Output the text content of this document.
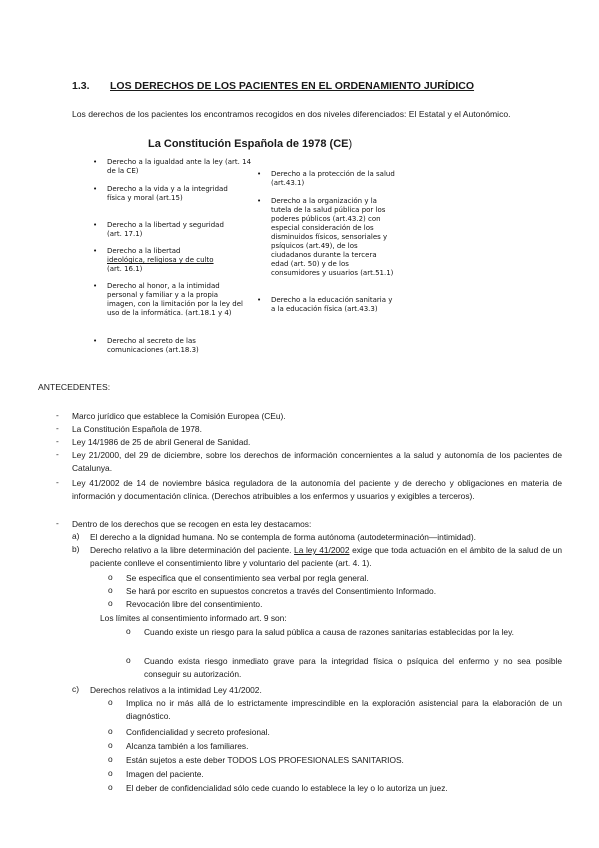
1.3. LOS DERECHOS DE LOS PACIENTES EN EL ORDENAMIENTO JURÍDICO
Los derechos de los pacientes los encontramos recogidos en dos niveles diferenciados: El Estatal y el Autonómico.
La Constitución Española de 1978 (CE)
• Derecho a la igualdad ante la ley (art. 14 de la CE)
• Derecho a la vida y a la integridad física y moral (art.15)
• Derecho a la libertad y seguridad (art. 17.1)
• Derecho a la libertad
ideológica, religiosa y de culto
(art. 16.1)
• Derecho al honor, a la intimidad personal y familiar y a la propia imagen, con la limitación por la ley del uso de la informática. (art.18.1 y 4)
• Derecho al secreto de las comunicaciones (art.18.3)
• Derecho a la protección de la salud (art.43.1)
• Derecho a la organización y la tutela de la salud pública por los poderes públicos (art.43.2) con especial consideración de los disminuidos físicos, sensoriales y psíquicos (art.49), de los ciudadanos durante la tercera edad (art. 50) y de los consumidores y usuarios (art.51.1)
• Derecho a la educación sanitaria y a la educación física (art.43.3)
ANTECEDENTES:
- Marco jurídico que establece la Comisión Europea (CEu).
- La Constitución Española de 1978.
- Ley 14/1986 de 25 de abril General de Sanidad.
- Ley 21/2000, del 29 de diciembre, sobre los derechos de información concernientes a la salud y autonomía de los pacientes de Catalunya.
- Ley 41/2002 de 14 de noviembre básica reguladora de la autonomía del paciente y de derecho y obligaciones en materia de información y documentación clínica. (Derechos atribuibles a los enfermos y usuarios y exigibles a terceros).
- Dentro de los derechos que se recogen en esta ley destacamos:
a) El derecho a la dignidad humana. No se contempla de forma autónoma (autodeterminación—intimidad).
b) Derecho relativo a la libre determinación del paciente. La ley 41/2002 exige que toda actuación en el ámbito de la salud de un paciente conlleve el consentimiento libre y voluntario del paciente (art. 4. 1).
o Se especifica que el consentimiento sea verbal por regla general.
o Se hará por escrito en supuestos concretos a través del Consentimiento Informado.
o Revocación libre del consentimiento.
Los límites al consentimiento informado art. 9 son:
o Cuando existe un riesgo para la salud pública a causa de razones sanitarias establecidas por la ley.
o Cuando exista riesgo inmediato grave para la integridad física o psíquica del enfermo y no sea posible conseguir su autorización.
c) Derechos relativos a la intimidad Ley 41/2002.
o Implica no ir más allá de lo estrictamente imprescindible en la exploración asistencial para la elaboración de un diagnóstico.
o Confidencialidad y secreto profesional.
o Alcanza también a los familiares.
o Están sujetos a este deber TODOS LOS PROFESIONALES SANITARIOS.
o Imagen del paciente.
o El deber de confidencialidad sólo cede cuando lo establece la ley o lo autoriza un juez.
